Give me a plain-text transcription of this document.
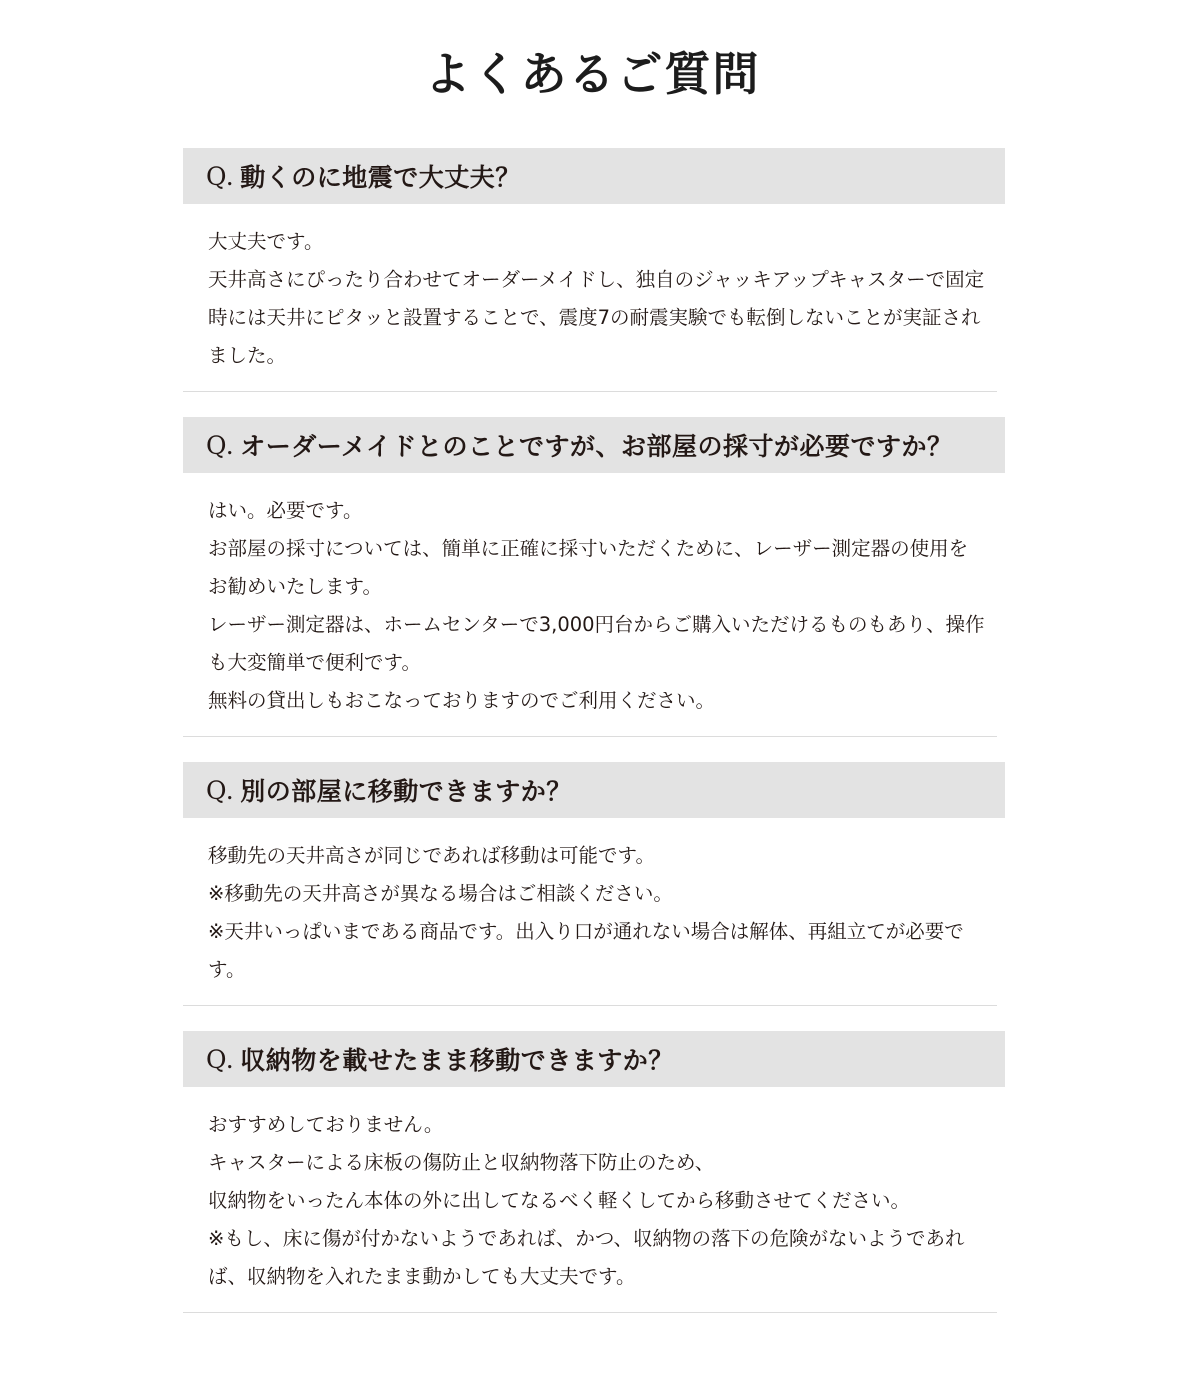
よくあるご質問
Q. 動くのに地震で大丈夫？

大丈夫です。

天井高さにぴったり合わせてオーダーメイドし、独自のジャッキアップキャスターで固定時には天井にピタッと設置することで、震度7の耐震実験でも転倒しないことが実証されました。

Q. オーダーメイドとのことですが、お部屋の採寸が必要ですか？

はい。必要です。

お部屋の採寸については、簡単に正確に採寸いただくために、レーザー測定器の使用をお勧めいたします。

レーザー測定器は、ホームセンターで3,000円台からご購入いただけるものもあり、操作も大変簡単で便利です。

無料の貸出しもおこなっておりますのでご利用ください。

Q. 別の部屋に移動できますか？

移動先の天井高さが同じであれば移動は可能です。

※移動先の天井高さが異なる場合はご相談ください。

※天井いっぱいまである商品です。出入り口が通れない場合は解体、再組立てが必要です。

Q. 収納物を載せたまま移動できますか？

おすすめしておりません。

キャスターによる床板の傷防止と収納物落下防止のため、

収納物をいったん本体の外に出してなるべく軽くしてから移動させてください。

※もし、床に傷が付かないようであれば、かつ、収納物の落下の危険がないようであれば、収納物を入れたまま動かしても大丈夫です。
